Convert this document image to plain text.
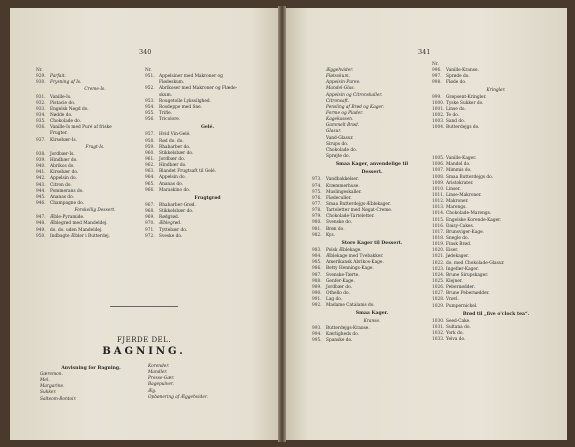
340
Nr.
929. Parfait.
930. Frysning af Is.
Creme-Is.
931. Vanille-Is.
932. Pistacie do.
933. Engelsk Nøgd do.
934. Nødde do.
935. Chokolade do.
936. Vanille-Is med Puré af friske
Frugter.
937. Kirsebær-Is.
Frugt-Is.
938. Jordbær-Is.
939. Hindbær do.
940. Abrikos do.
941. Kirsebær do.
942. Appelsin do.
943. Citron do.
944. Pommerans do.
945. Ananas do.
946. Champagne do.
Forskellig Dessert.
947. Æble-Pyramide.
948. Æblegrød med Mandeldej.
949. do. do. uden Mandeldej.
950. Indbagte Æbler i Butterdej.
Nr.
951. Appelsiner med Makroner og
Flødeskum.
952. Abrikoser med Makroner og Flæde-
skum.
953. Rougetolle Lykssilghed.
954. Rosdeppe med Sne.
955. Trifle.
956. Tricolore.
Gelé.
957. Hvid Vin-Gelé.
958. Rød do. do.
959. Rhabarber do.
960. Stikkelsbær do.
961. Jordbær do.
962. Hindbær do.
963. Blandet Frugtsaft til Gelé.
964. Appelsin do.
965. Ananas do.
966. Maraskino do.
Frugtgrød
967. Rhabarber-Grød.
968. Stikkelsbær do.
969. Rødgrød.
970. Æblegrød.
971. Tyttebær do.
972. Sveske do.
FJERDE DEL.
BAGNING.
Anvisning for Bagning.
Gæremon.
Mel.
Margarine.
Sukker.
Salteom-Bontoir.
Korender.
Mandler.
Presse-Gær.
Bagepulver.
Æg.
Opbønering af Æggehvider.
341
Æggehvider.
Fløtsskum.
Appelsin-Puree.
Mandel-Glas.
Appelsin og Citronskaller.
Citronsaft.
Pensling af Brød og Kager.
Forme og Plader.
Kagekassen.
Gammelt Brød.
Glasur.
Vand-Glasur.
Sirups do.
Chokolade do.
Sprøjte do.
Smaa Kager, anvendelige til
Dessert.
973. Vandbakkelser.
974. Kræmmerhuse.
975. Muslingeskaller.
976. Flødeculler.
977. Smaa Butterdejgs-Æblekager.
978. Tarteletter med Nøgat-Creme.
979. Chokolade-Tarteletter.
980. Svenske do.
981. Brøn do.
982. Kys.
Store Kager til Dessert.
983. Polsk Æblekage.
984. Æblekage med Tvebakker.
985. Amerikansk Abrikos-Kage.
986. Betty Hennings-Kage.
987. Svenske-Tærte.
988. Genfer-Kage.
989. Jordbær do.
990. Othello do.
991. Lag do.
992. Madame Catalanis do.
Smaa Kager.
Kranse.
993. Butterdejgs-Kranse.
994. Kærligheds do.
995. Spanske do.
Nr.
996. Vanille-Kranse.
997. Sprøde do.
998. Fløde do.
Kringler.
999. Grøpsent-Kringler.
1000. Tyske Sukker do.
1001. Linse do.
1002. Te do.
1003. Sand do.
1004. Butterdejgs do.
1005. Vanille-Kager.
1006. Mandel do.
1007. Mimmis do.
1008. Smaa Butterdejgs do.
1009. Aristokrater.
1010. Linser.
1011. Linse-Makroner.
1012. Makroner.
1013. Marengs.
1014. Chokolade-Marengs.
1015. Engelske Korende-Kager.
1016. Daisy-Cakes.
1017. Brunsviger-Kage.
1018. Snegle do.
1019. Finsk Brød.
1020. Eiser.
1021. Jødekager.
1022. do. med Chokolade-Glasur.
1023. Ingefær-Kager.
1024. Brune Sirupskager.
1025. Klejner.
1026. Pebernødder.
1027. Brune Pebernødder.
1028. Vrøvl.
1029. Pumpernickel.
Brød til „five o'clock tea“.
1030. Seed-Cake.
1031. Sultana do.
1032. York do.
1033. Yeiva do.
